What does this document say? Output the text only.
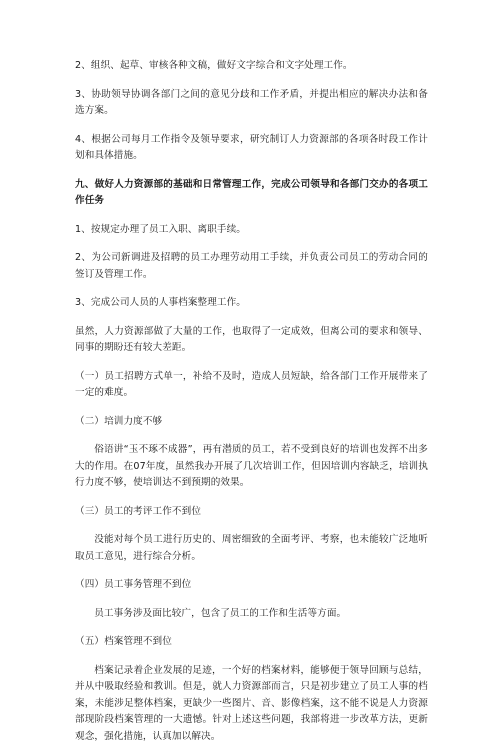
2、组织、起草、审核各种文稿，做好文字综合和文字处理工作。

3、协助领导协调各部门之间的意见分歧和工作矛盾，并提出相应的解决办法和备选方案。

4、根据公司每月工作指令及领导要求，研究制订人力资源部的各项各时段工作计划和具体措施。

九、做好人力资源部的基础和日常管理工作，完成公司领导和各部门交办的各项工作任务

1、按规定办理了员工入职、离职手续。

2、为公司新调进及招聘的员工办理劳动用工手续，并负责公司员工的劳动合同的签订及管理工作。

3、完成公司人员的人事档案整理工作。

虽然，人力资源部做了大量的工作，也取得了一定成效，但离公司的要求和领导、同事的期盼还有较大差距。

（一）员工招聘方式单一，补给不及时，造成人员短缺，给各部门工作开展带来了一定的难度。

（二）培训力度不够

俗语讲“玉不琢不成器”，再有潜质的员工，若不受到良好的培训也发挥不出多大的作用。在07年度，虽然我办开展了几次培训工作，但因培训内容缺乏，培训执行力度不够，使培训达不到预期的效果。

（三）员工的考评工作不到位

没能对每个员工进行历史的、周密细致的全面考评、考察，也未能较广泛地听取员工意见，进行综合分析。

（四）员工事务管理不到位

员工事务涉及面比较广，包含了员工的工作和生活等方面。

（五）档案管理不到位

档案记录着企业发展的足迹，一个好的档案材料，能够便于领导回顾与总结，并从中吸取经验和教训。但是，就人力资源部而言，只是初步建立了员工人事的档案，未能涉足整体档案，更缺少一些图片、音、影像档案，这不能不说是人力资源部现阶段档案管理的一大遗憾。针对上述这些问题，我部将进一步改革方法，更新观念，强化措施，认真加以解决。
